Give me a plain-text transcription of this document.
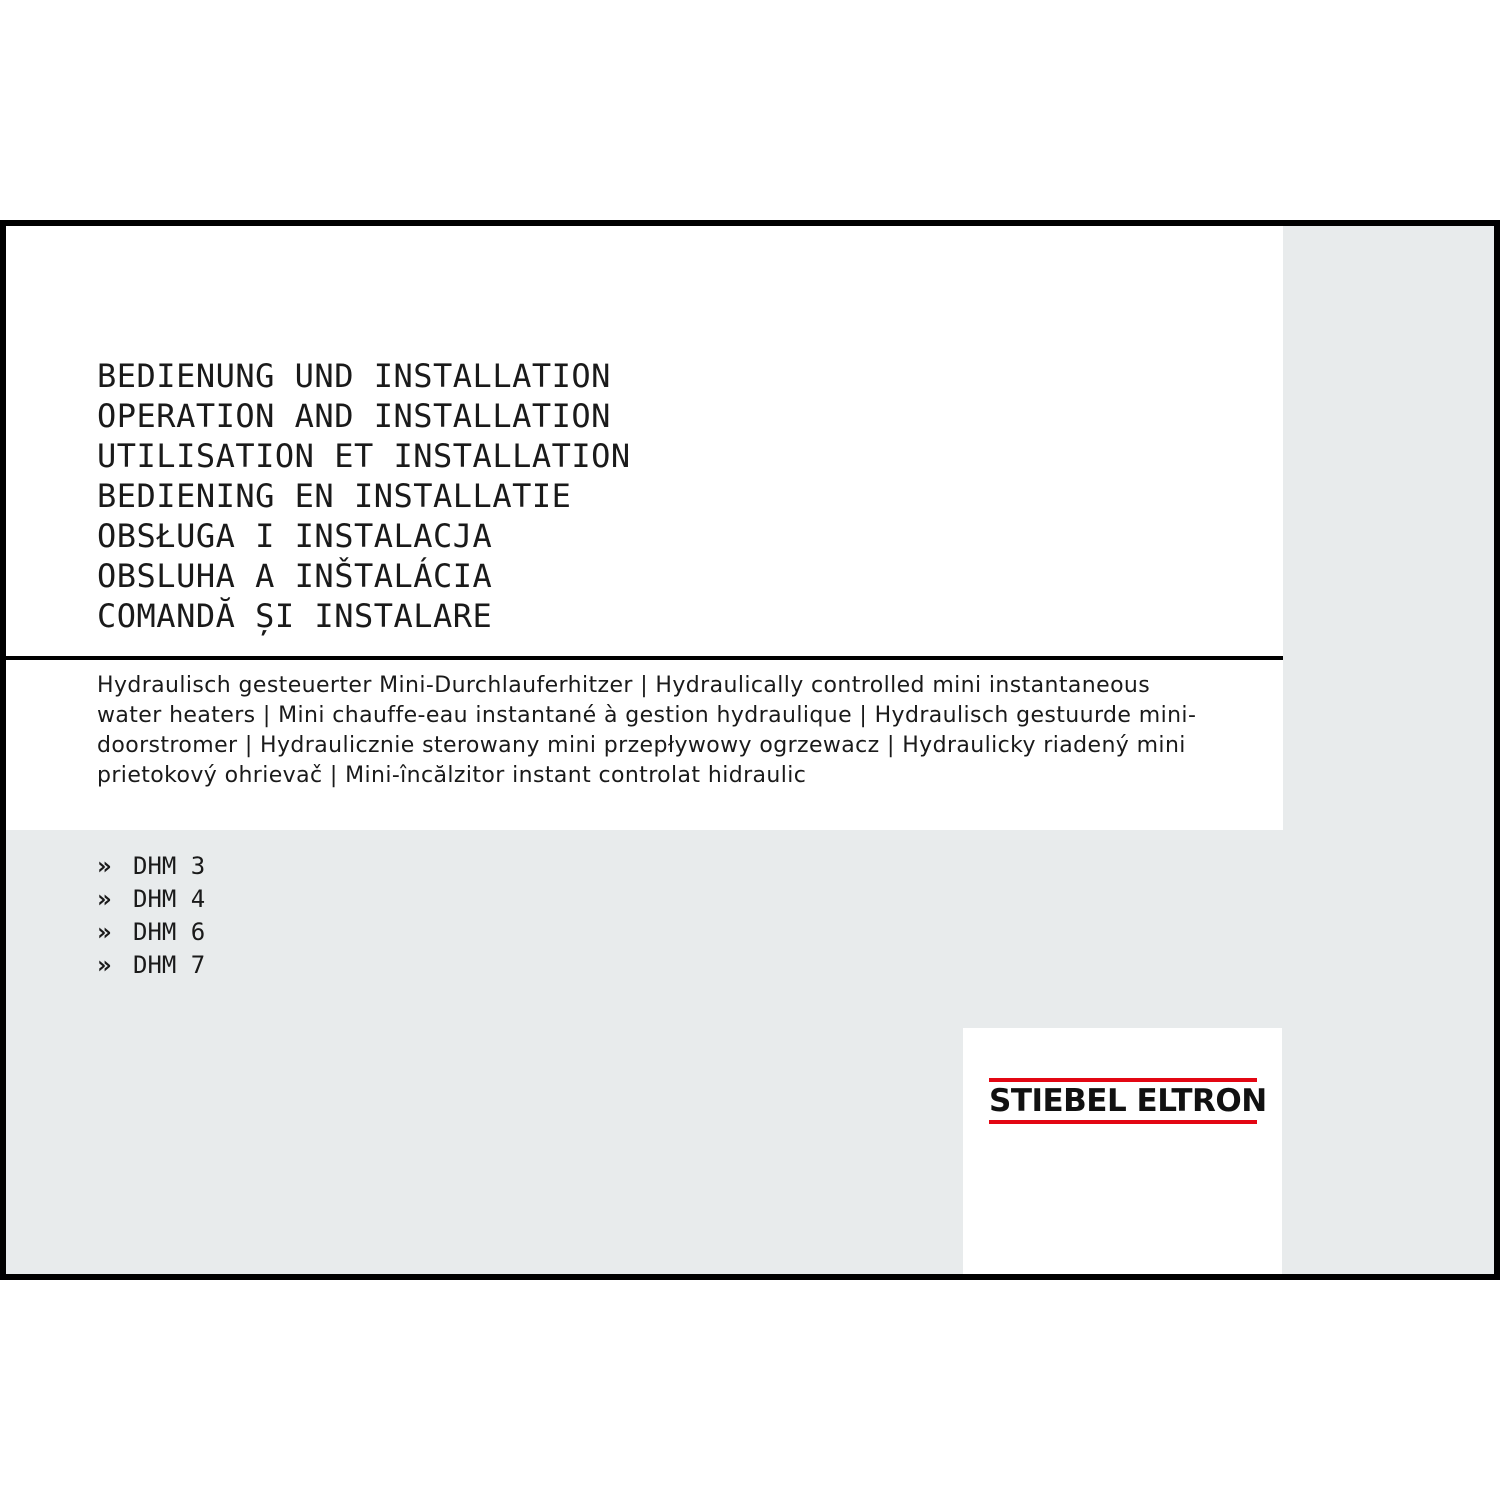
BEDIENUNG UND INSTALLATION
OPERATION AND INSTALLATION
UTILISATION ET INSTALLATION
BEDIENING EN INSTALLATIE
OBSŁUGA I INSTALACJA
OBSLUHA A INŠTALÁCIA
COMANDĂ ȘI INSTALARE

Hydraulisch gesteuerter Mini-Durchlauferhitzer | Hydraulically controlled mini instantaneous water heaters | Mini chauffe-eau instantané à gestion hydraulique | Hydraulisch gestuurde mini-doorstromer | Hydraulicznie sterowany mini przepływowy ogrzewacz | Hydraulicky riadený mini prietokový ohrievač | Mini-încălzitor instant controlat hidraulic

» DHM 3
» DHM 4
» DHM 6
» DHM 7
STIEBEL ELTRON
